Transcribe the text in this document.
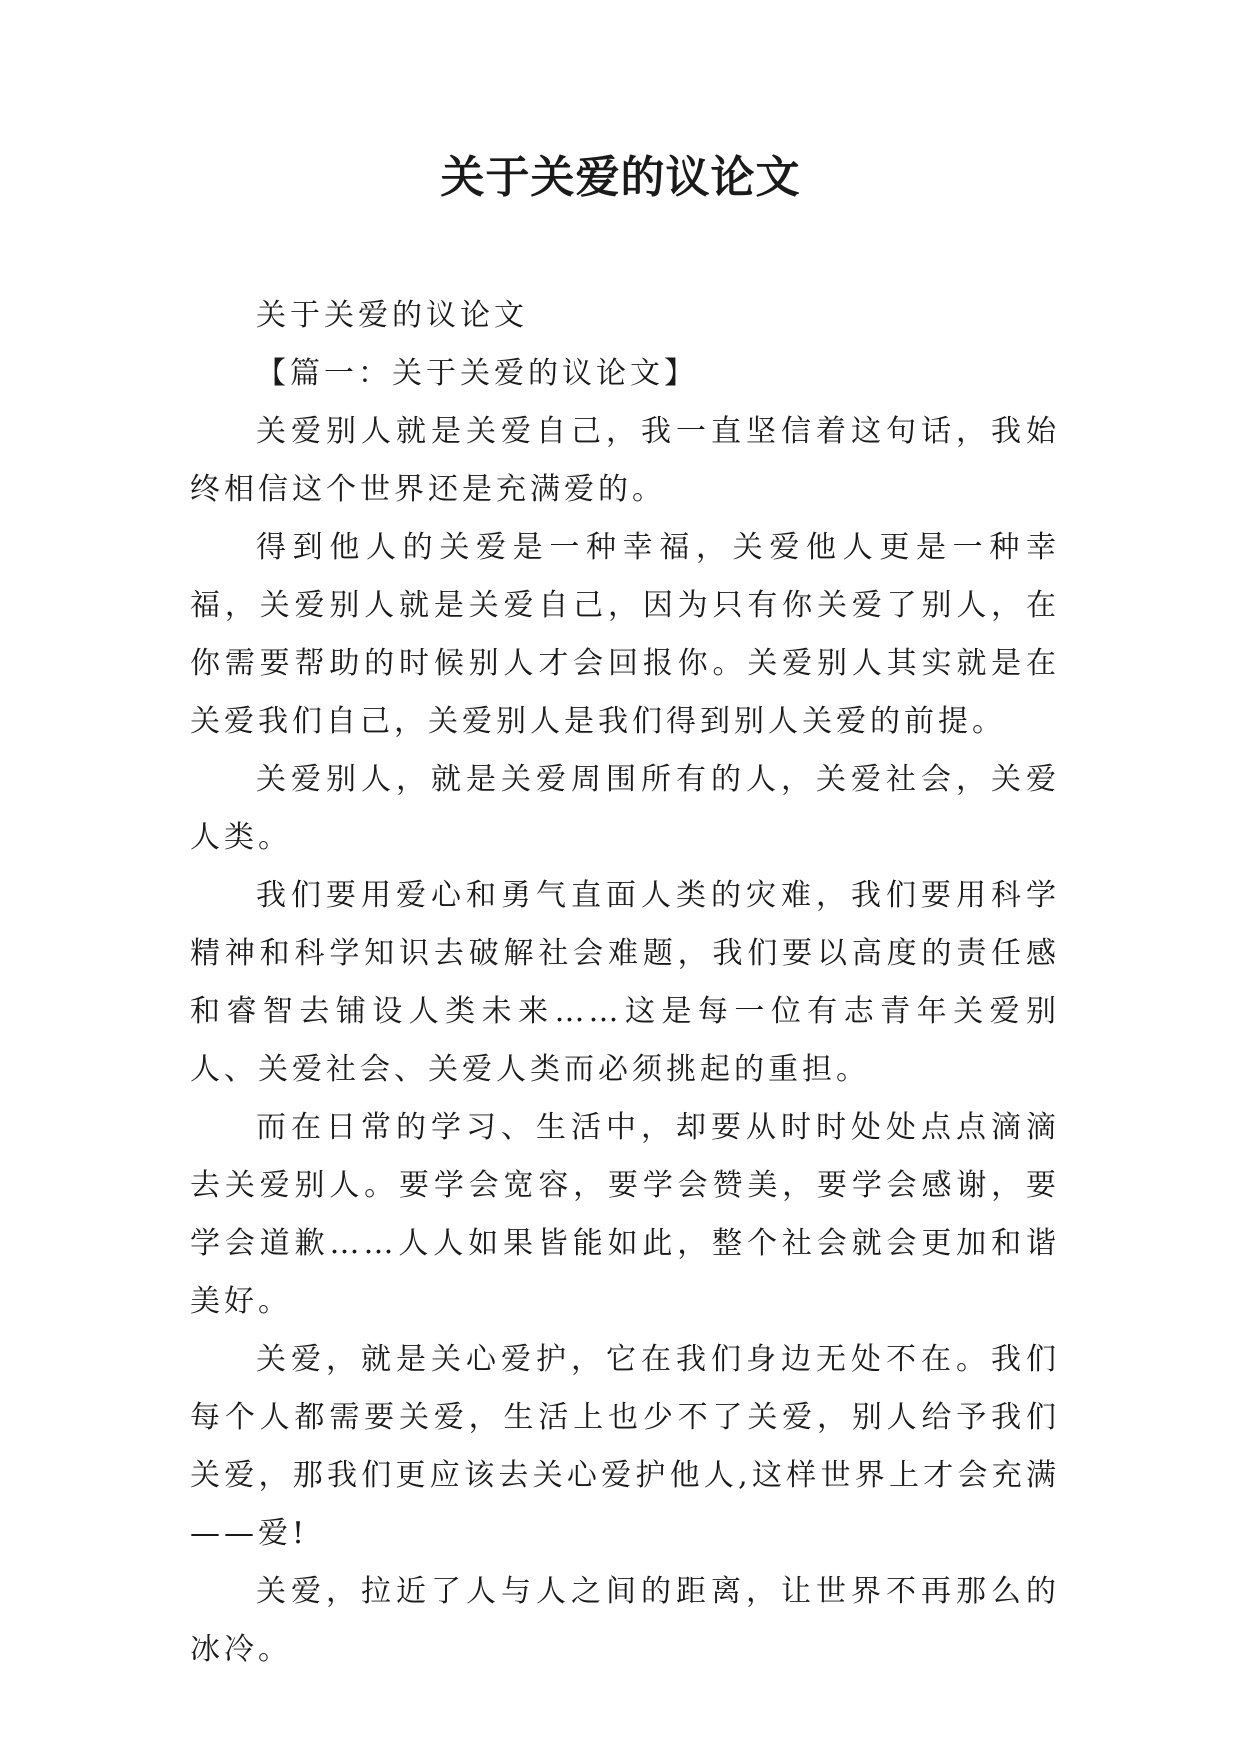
关于关爱的议论文

关于关爱的议论文

【篇一：关于关爱的议论文】

关爱别人就是关爱自己，我一直坚信着这句话，我始终相信这个世界还是充满爱的。

得到他人的关爱是一种幸福，关爱他人更是一种幸福，关爱别人就是关爱自己，因为只有你关爱了别人，在你需要帮助的时候别人才会回报你。关爱别人其实就是在关爱我们自己，关爱别人是我们得到别人关爱的前提。

关爱别人，就是关爱周围所有的人，关爱社会，关爱人类。

我们要用爱心和勇气直面人类的灾难，我们要用科学精神和科学知识去破解社会难题，我们要以高度的责任感和睿智去铺设人类未来……这是每一位有志青年关爱别人、关爱社会、关爱人类而必须挑起的重担。

而在日常的学习、生活中，却要从时时处处点点滴滴去关爱别人。要学会宽容，要学会赞美，要学会感谢，要学会道歉……人人如果皆能如此，整个社会就会更加和谐美好。

关爱，就是关心爱护，它在我们身边无处不在。我们每个人都需要关爱，生活上也少不了关爱，别人给予我们关爱，那我们更应该去关心爱护他人,这样世界上才会充满——爱!

关爱，拉近了人与人之间的距离，让世界不再那么的冰冷。
